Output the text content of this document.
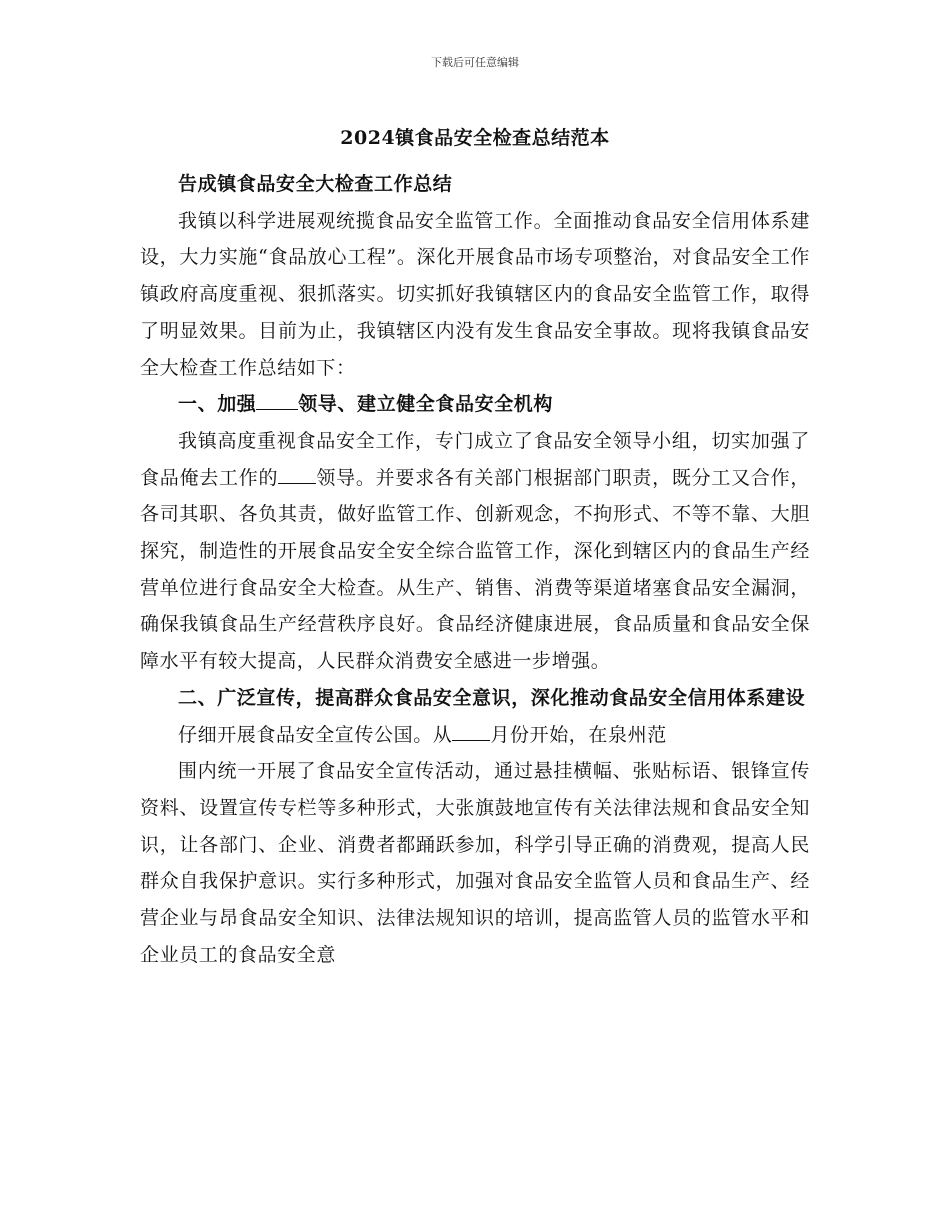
下载后可任意编辑
2024镇食品安全检查总结范本

告成镇食品安全大检查工作总结

我镇以科学进展观统揽食品安全监管工作。全面推动食品安全信用体系建设，大力实施“食品放心工程”。深化开展食品市场专项整治，对食品安全工作镇政府高度重视、狠抓落实。切实抓好我镇辖区内的食品安全监管工作，取得了明显效果。目前为止，我镇辖区内没有发生食品安全事故。现将我镇食品安全大检查工作总结如下：

一、加强 领导、建立健全食品安全机构

我镇高度重视食品安全工作，专门成立了食品安全领导小组，切实加强了食品俺去工作的 领导。并要求各有关部门根据部门职责，既分工又合作，各司其职、各负其责，做好监管工作、创新观念，不拘形式、不等不靠、大胆探究，制造性的开展食品安全安全综合监管工作，深化到辖区内的食品生产经营单位进行食品安全大检查。从生产、销售、消费等渠道堵塞食品安全漏洞，确保我镇食品生产经营秩序良好。食品经济健康进展，食品质量和食品安全保障水平有较大提高，人民群众消费安全感进一步增强。

二、广泛宣传，提高群众食品安全意识，深化推动食品安全信用体系建设

仔细开展食品安全宣传公国。从 月份开始，在泉州范

围内统一开展了食品安全宣传活动，通过悬挂横幅、张贴标语、银锋宣传资料、设置宣传专栏等多种形式，大张旗鼓地宣传有关法律法规和食品安全知识，让各部门、企业、消费者都踊跃参加，科学引导正确的消费观，提高人民群众自我保护意识。实行多种形式，加强对食品安全监管人员和食品生产、经营企业与昂食品安全知识、法律法规知识的培训，提高监管人员的监管水平和企业员工的食品安全意
